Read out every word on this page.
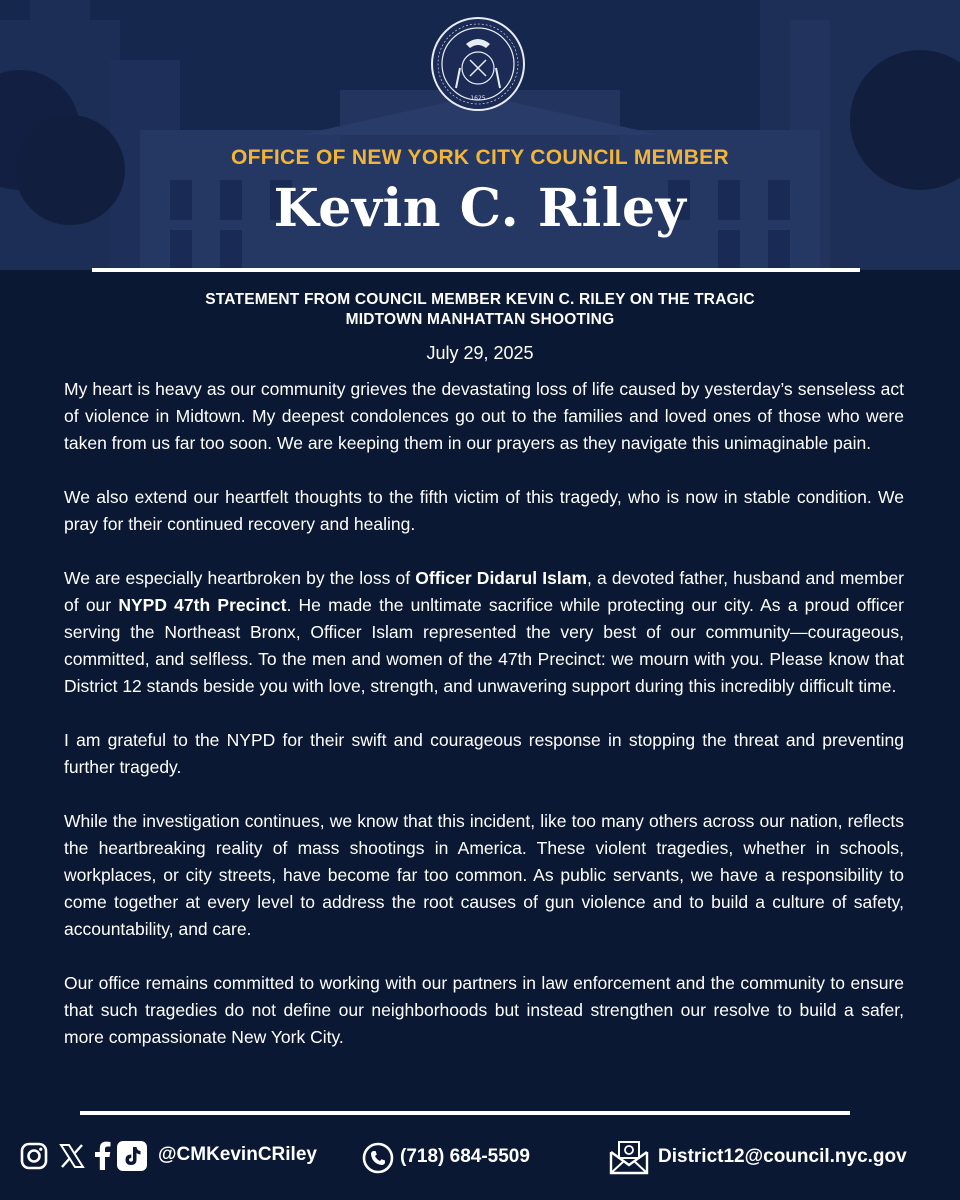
1625
OFFICE OF NEW YORK CITY COUNCIL MEMBER
Kevin C. Riley
STATEMENT FROM COUNCIL MEMBER KEVIN C. RILEY ON THE TRAGIC
MIDTOWN MANHATTAN SHOOTING
July 29, 2025

My heart is heavy as our community grieves the devastating loss of life caused by yesterday’s senseless act of violence in Midtown. My deepest condolences go out to the families and loved ones of those who were taken from us far too soon. We are keeping them in our prayers as they navigate this unimaginable pain.

We also extend our heartfelt thoughts to the fifth victim of this tragedy, who is now in stable condition. We pray for their continued recovery and healing.

We are especially heartbroken by the loss of Officer Didarul Islam, a devoted father, husband and member of our NYPD 47th Precinct. He made the unltimate sacrifice while protecting our city. As a proud officer serving the Northeast Bronx, Officer Islam represented the very best of our community—courageous, committed, and selfless. To the men and women of the 47th Precinct: we mourn with you. Please know that District 12 stands beside you with love, strength, and unwavering support during this incredibly difficult time.

I am grateful to the NYPD for their swift and courageous response in stopping the threat and preventing further tragedy.

While the investigation continues, we know that this incident, like too many others across our nation, reflects the heartbreaking reality of mass shootings in America. These violent tragedies, whether in schools, workplaces, or city streets, have become far too common. As public servants, we have a responsibility to come together at every level to address the root causes of gun violence and to build a culture of safety, accountability, and care.

Our office remains committed to working with our partners in law enforcement and the community to ensure that such tragedies do not define our neighborhoods but instead strengthen our resolve to build a safer, more compassionate New York City.

@CMKevinCRiley	(718) 684-5509	District12@council.nyc.gov
